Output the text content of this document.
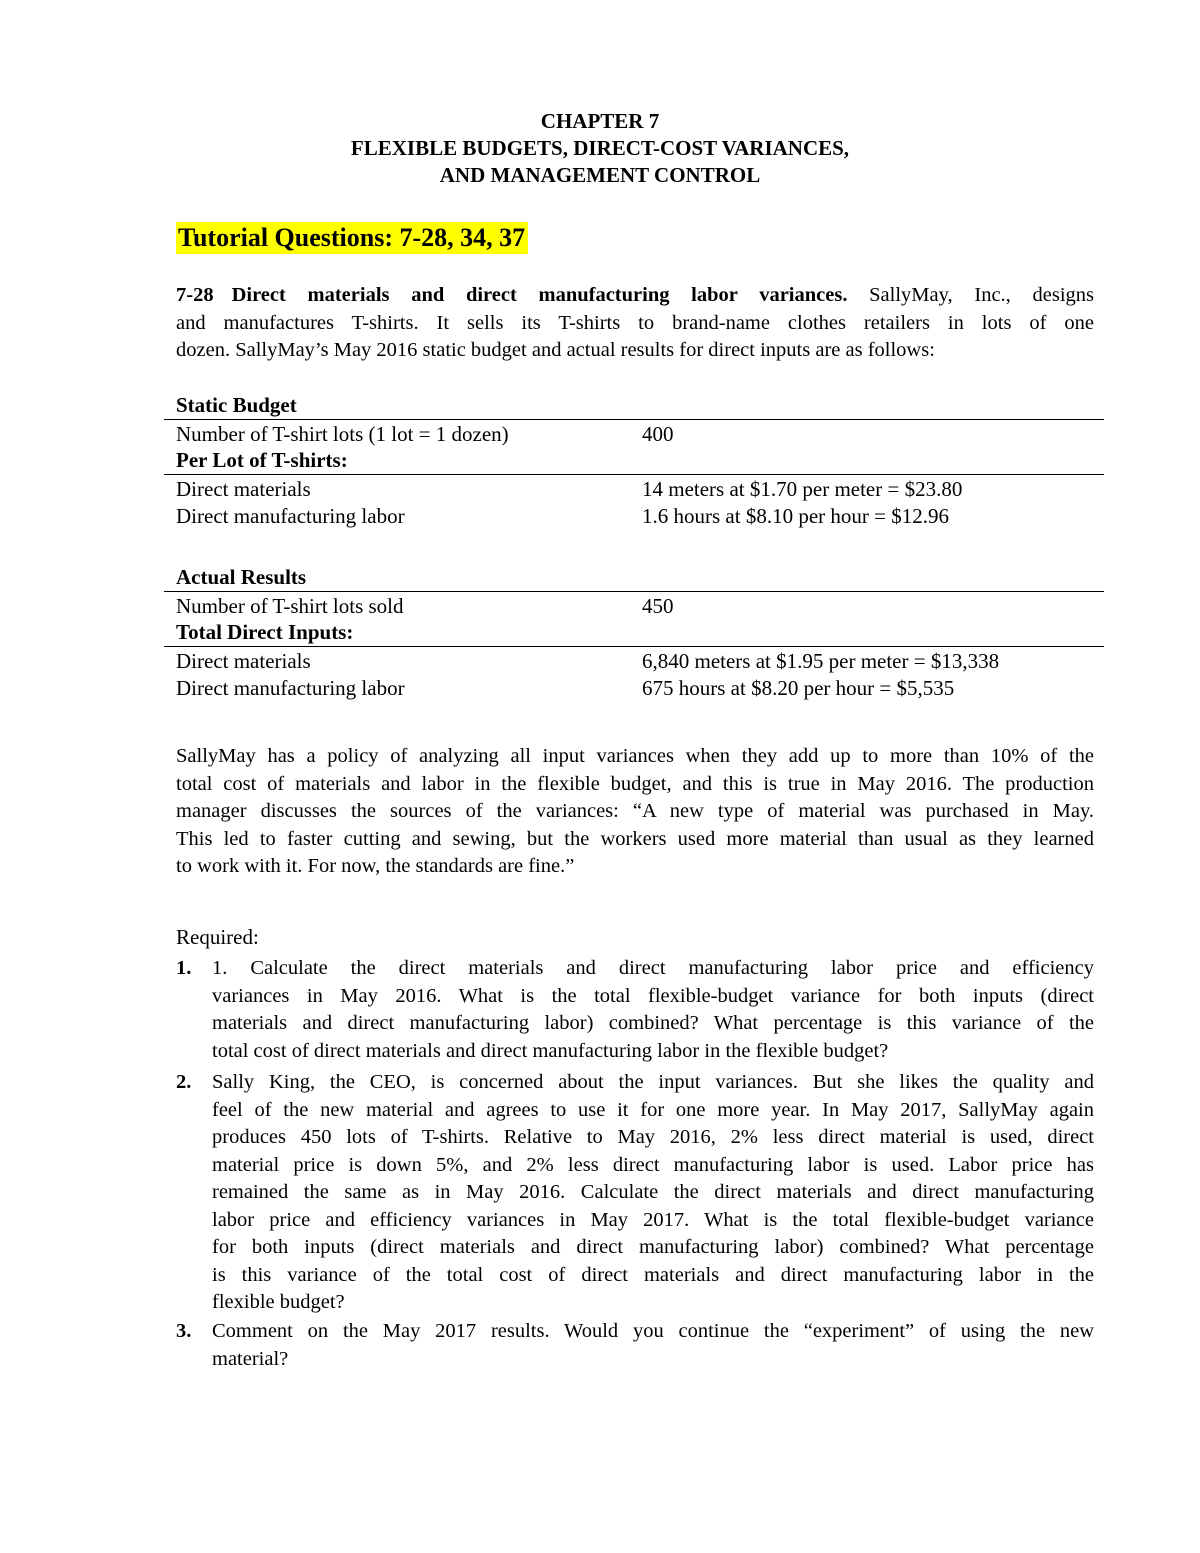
CHAPTER 7
FLEXIBLE BUDGETS, DIRECT-COST VARIANCES,
AND MANAGEMENT CONTROL
Tutorial Questions: 7-28, 34, 37
7-28 Direct materials and direct manufacturing labor variances. SallyMay, Inc., designs
and manufactures T-shirts. It sells its T-shirts to brand-name clothes retailers in lots of one
dozen. SallyMay’s May 2016 static budget and actual results for direct inputs are as follows:
Static Budget
Number of T-shirt lots (1 lot = 1 dozen)	400
Per Lot of T-shirts:
Direct materials	14 meters at $1.70 per meter = $23.80
Direct manufacturing labor	1.6 hours at $8.10 per hour = $12.96
Actual Results
Number of T-shirt lots sold	450
Total Direct Inputs:
Direct materials	6,840 meters at $1.95 per meter = $13,338
Direct manufacturing labor	675 hours at $8.20 per hour = $5,535
SallyMay has a policy of analyzing all input variances when they add up to more than 10% of the
total cost of materials and labor in the flexible budget, and this is true in May 2016. The production
manager discusses the sources of the variances: “A new type of material was purchased in May.
This led to faster cutting and sewing, but the workers used more material than usual as they learned
to work with it. For now, the standards are fine.”
Required:
1. 1. Calculate the direct materials and direct manufacturing labor price and efficiency
variances in May 2016. What is the total flexible-budget variance for both inputs (direct
materials and direct manufacturing labor) combined? What percentage is this variance of the
total cost of direct materials and direct manufacturing labor in the flexible budget?
2. Sally King, the CEO, is concerned about the input variances. But she likes the quality and
feel of the new material and agrees to use it for one more year. In May 2017, SallyMay again
produces 450 lots of T-shirts. Relative to May 2016, 2% less direct material is used, direct
material price is down 5%, and 2% less direct manufacturing labor is used. Labor price has
remained the same as in May 2016. Calculate the direct materials and direct manufacturing
labor price and efficiency variances in May 2017. What is the total flexible-budget variance
for both inputs (direct materials and direct manufacturing labor) combined? What percentage
is this variance of the total cost of direct materials and direct manufacturing labor in the
flexible budget?
3. Comment on the May 2017 results. Would you continue the “experiment” of using the new
material?
